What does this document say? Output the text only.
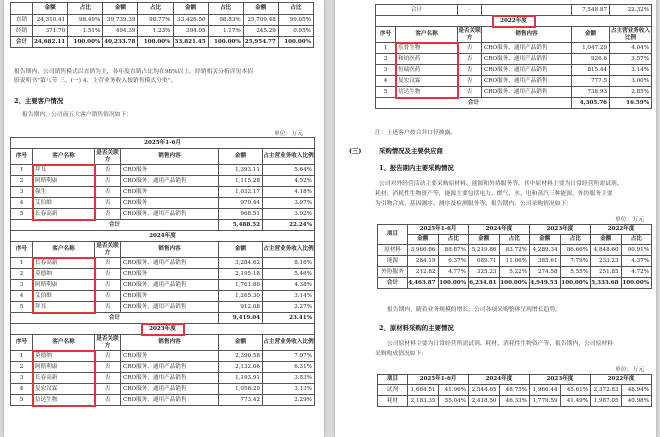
	金额	占比	金额	占比	金额	占比	金额	占比
直销	24,310.41	98.49%	39,739.39	98.77%	33,426.50	98.83%	25,709.48	99.05%
经销	371.70	1.51%	494.39	1.23%	394.95	1.17%	245.29	0.95%
合计	24,682.11	100.00%	40,233.78	100.00%	33,821.45	100.00%	25,954.77	100.00%
报告期内，公司销售模式以直销为主，各年度直销占比均在98%以上。经销相关分析详见本招
股说明书"第八节 三、(一) 4、主营业务收入按销售模式分类"。
2、主要客户情况
报告期内，公司前五大客户销售情况如下：
单位：万元
2025年1-6月					
序号	客户名称	是否关联方	销售内容	金额	占主营业务收入比例
1	拜耳	否	CRO服务	1,393.11	5.64%
2	阿斯利康	否	CRO服务、通用产品销售	1,115.28	4.52%
3	强生	否	CRO服务	1,032.17	4.18%
4	艾伯维	否	CRO服务	979.44	3.97%
5	长春高新	否	CRO服务、通用产品销售	968.51	3.92%
合计				5,488.52	22.24%
2024年度					
序号	客户名称	是否关联方	销售内容	金额	占主营业务收入比例
1	长春高新	否	CRO服务、通用产品销售	3,284.62	8.16%
2	莫德纳	否	CRO服务	2,195.18	5.46%
3	阿斯利康	否	CRO服务、通用产品销售	1,761.86	4.38%
4	艾伯维	否	CRO服务	1,265.30	3.14%
5	拜耳	否	CRO服务、通用产品销售	912.08	2.27%
合计				9,419.04	23.41%
2023年度					
序号	客户名称	是否关联方	销售内容	金额	占主营业务收入比例
1	莫德纳	否	CRO服务	2,390.58	7.07%
2	阿斯利康	否	CRO服务、通用产品销售	2,132.66	6.31%
3	长春高新	否	CRO服务、通用产品销售	1,193.91	3.53%
4	复宏汉霖	否	CRO服务、通用产品销售	1,058.29	3.13%
5	信达生物	否	CRO服务、通用产品销售	773.42	2.29%
合计		-		7,548.87	22.32%
2022年度					
序号	客户名称	是否关联方	销售内容	金额	占主营业务收入比例
1	乐普生物	否	CRO服务、通用产品销售	1,047.29	4.04%
2	和铂医药	否	CRO服务、通用产品销售	926.6	3.57%
3	恒瑞医药	否	CRO服务、通用产品销售	815.44	3.14%
4	复宏汉霖	否	CRO服务、通用产品销售	777.5	3.00%
5	信达生物	否	CRO服务、通用产品销售	738.93	2.85%
合计				4,305.76	16.59%
注：上述客户按合并口径披露。
(三)	采购情况及主要供应商
1、报告期内主要采购情况
公司对外经营活动主要采购原材料、能源和外协服务等，其中原材料主要为日常经营所需试剂、
耗材、消耗性生物资产等，能源主要包括电力、燃气、水、电和蒸汽三种能源，外协服务主要
为引物合成、基因测序、测序及检测服务等。报告期内，公司采购情况如下：
单位：万元
项目	2025年1-6月		2024年度		2023年度		2022年度	
	金额	占比	金额	占比	金额	占比	金额	占比
原材料	3,966.86	88.87%	5,219.86	83.72%	4,289.34	86.66%	4,848.60	90.91%
能源	284.19	6.37%	689.71	11.06%	385.61	7.79%	233.23	4.37%
外协服务	212.82	4.77%	325.23	5.22%	274.58	5.55%	251.85	4.72%
合计	4,463.87	100.00%	6,234.81	100.00%	4,949.53	100.00%	5,333.68	100.00%
报告期内，随着业务规模的增长，公司各项采购整体呈现增长趋势。
2、原材料采购的主要情况
公司原材料主要为日常经营所需试剂、耗材、消耗性生物资产等，报告期内，公司原材料
采购构成情况如下：
单位：万元
项目	2025年1-6月		2024年度		2023年度		2022年度	
试剂	1,664.51	41.96%	2,544.65	48.75%	1,966.44	45.61%	2,372.83	48.94%
耗材	2,183.35	55.04%	2,418.50	46.33%	1,779.59	41.49%	1,987.05	40.98%
